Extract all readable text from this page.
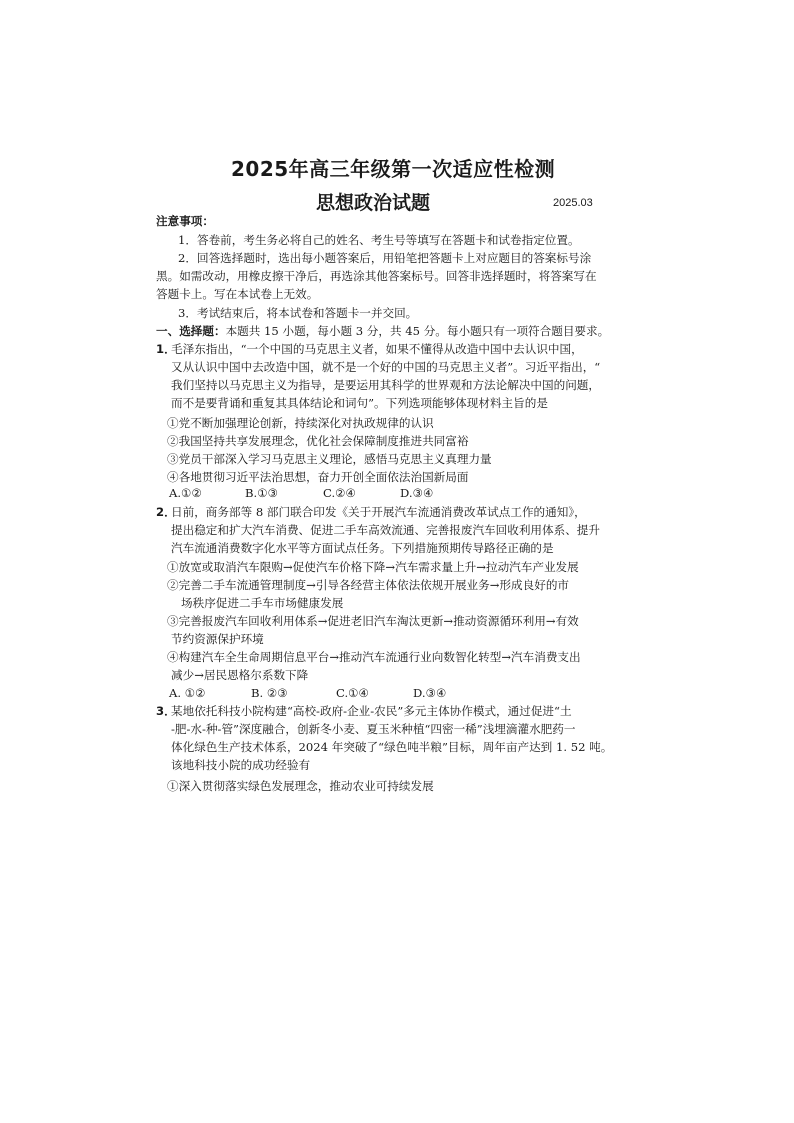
2025年高三年级第一次适应性检测
思想政治试题	2025.03
注意事项：
1．答卷前，考生务必将自己的姓名、考生号等填写在答题卡和试卷指定位置。
2．回答选择题时，选出每小题答案后，用铅笔把答题卡上对应题目的答案标号涂
黑。如需改动，用橡皮擦干净后，再选涂其他答案标号。回答非选择题时，将答案写在
答题卡上。写在本试卷上无效。
3．考试结束后，将本试卷和答题卡一并交回。
一、选择题：本题共 15 小题，每小题 3 分，共 45 分。每小题只有一项符合题目要求。
1．
毛泽东指出，“一个中国的马克思主义者，如果不懂得从改造中国中去认识中国，
又从认识中国中去改造中国，就不是一个好的中国的马克思主义者”。习近平指出，“
我们坚持以马克思主义为指导，是要运用其科学的世界观和方法论解决中国的问题，
而不是要背诵和重复其具体结论和词句”。下列选项能够体现材料主旨的是
①党不断加强理论创新，持续深化对执政规律的认识
②我国坚持共享发展理念，优化社会保障制度推进共同富裕
③党员干部深入学习马克思主义理论，感悟马克思主义真理力量
④各地贯彻习近平法治思想，奋力开创全面依法治国新局面
A.①②	B.①③	C.②④	D.③④
2．
日前，商务部等 8 部门联合印发《关于开展汽车流通消费改革试点工作的通知》，
提出稳定和扩大汽车消费、促进二手车高效流通、完善报废汽车回收利用体系、提升
汽车流通消费数字化水平等方面试点任务。下列措施预期传导路径正确的是
①放宽或取消汽车限购→促使汽车价格下降→汽车需求量上升→拉动汽车产业发展
②完善二手车流通管理制度→引导各经营主体依法依规开展业务→形成良好的市
场秩序促进二手车市场健康发展
③完善报废汽车回收利用体系→促进老旧汽车淘汰更新→推动资源循环利用→有效
节约资源保护环境
④构建汽车全生命周期信息平台→推动汽车流通行业向数智化转型→汽车消费支出
减少→居民恩格尔系数下降
A. ①②	B. ②③	C.①④	D.③④
3．
某地依托科技小院构建“高校-政府-企业-农民”多元主体协作模式，通过促进“土
-肥-水-种-管”深度融合，创新冬小麦、夏玉米种植“四密一稀”浅埋滴灌水肥药一
体化绿色生产技术体系，2024 年突破了“绿色吨半粮”目标，周年亩产达到 1. 52 吨。
该地科技小院的成功经验有
①深入贯彻落实绿色发展理念，推动农业可持续发展
